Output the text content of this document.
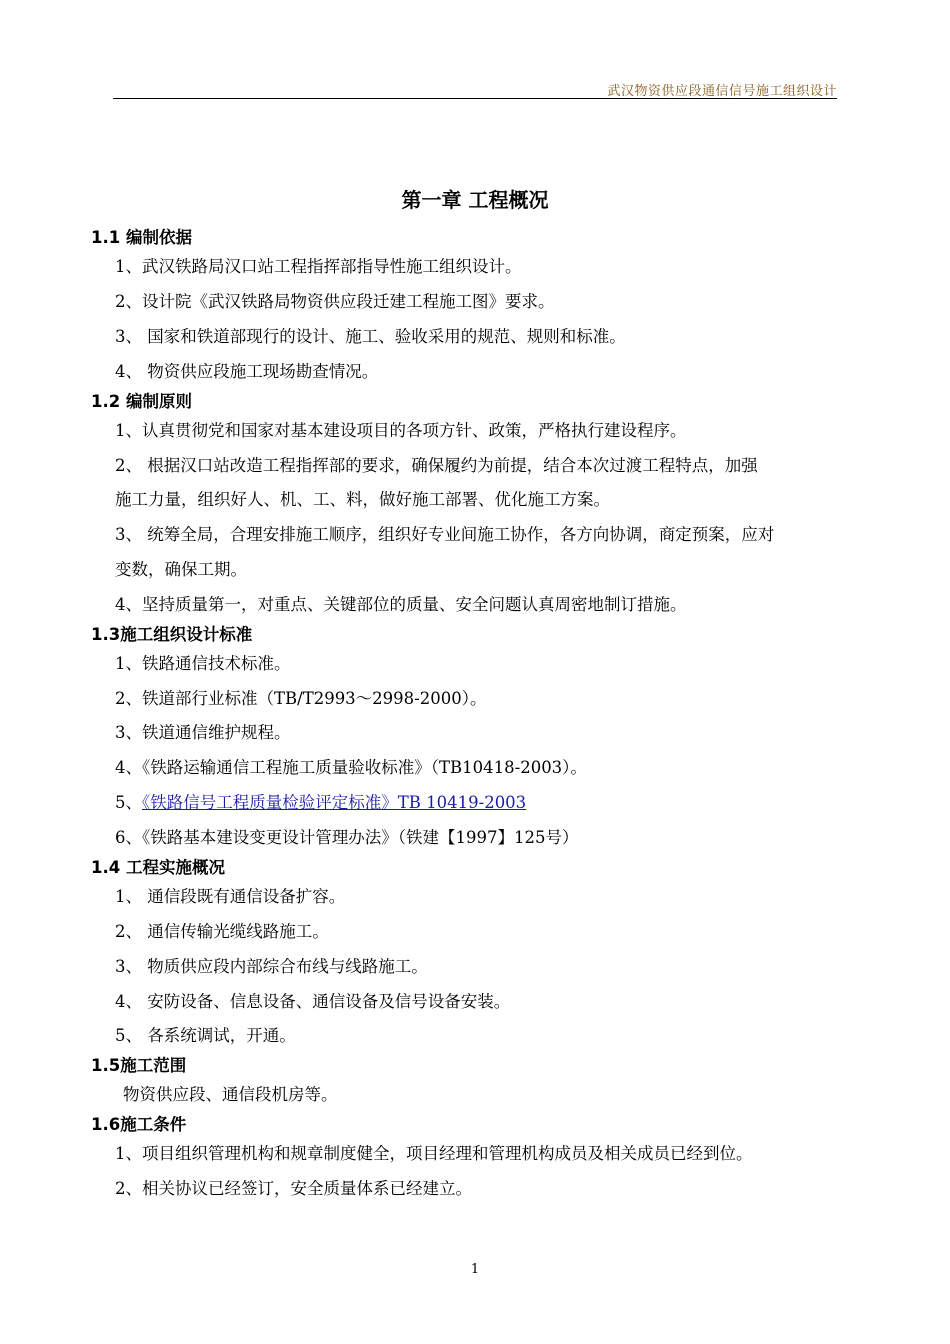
武汉物资供应段通信信号施工组织设计
第一章 工程概况
1.1 编制依据
1、武汉铁路局汉口站工程指挥部指导性施工组织设计。
2、设计院《武汉铁路局物资供应段迁建工程施工图》要求。
3、 国家和铁道部现行的设计、施工、验收采用的规范、规则和标准。
4、 物资供应段施工现场勘查情况。
1.2 编制原则
1、认真贯彻党和国家对基本建设项目的各项方针、政策，严格执行建设程序。
2、 根据汉口站改造工程指挥部的要求，确保履约为前提，结合本次过渡工程特点，加强
施工力量，组织好人、机、工、料，做好施工部署、优化施工方案。
3、 统筹全局，合理安排施工顺序，组织好专业间施工协作，各方向协调，商定预案，应对
变数，确保工期。
4、坚持质量第一，对重点、关键部位的质量、安全问题认真周密地制订措施。
1.3施工组织设计标准
1、铁路通信技术标准。
2、铁道部行业标准（TB/T2993～2998-2000）。
3、铁道通信维护规程。
4、《铁路运输通信工程施工质量验收标准》（TB10418-2003）。
5、《铁路信号工程质量检验评定标准》TB 10419-2003
6、《铁路基本建设变更设计管理办法》（铁建【1997】125号）
1.4 工程实施概况
1、 通信段既有通信设备扩容。
2、 通信传输光缆线路施工。
3、 物质供应段内部综合布线与线路施工。
4、 安防设备、信息设备、通信设备及信号设备安装。
5、 各系统调试，开通。
1.5施工范围
物资供应段、通信段机房等。
1.6施工条件
1、项目组织管理机构和规章制度健全，项目经理和管理机构成员及相关成员已经到位。
2、相关协议已经签订，安全质量体系已经建立。
1
